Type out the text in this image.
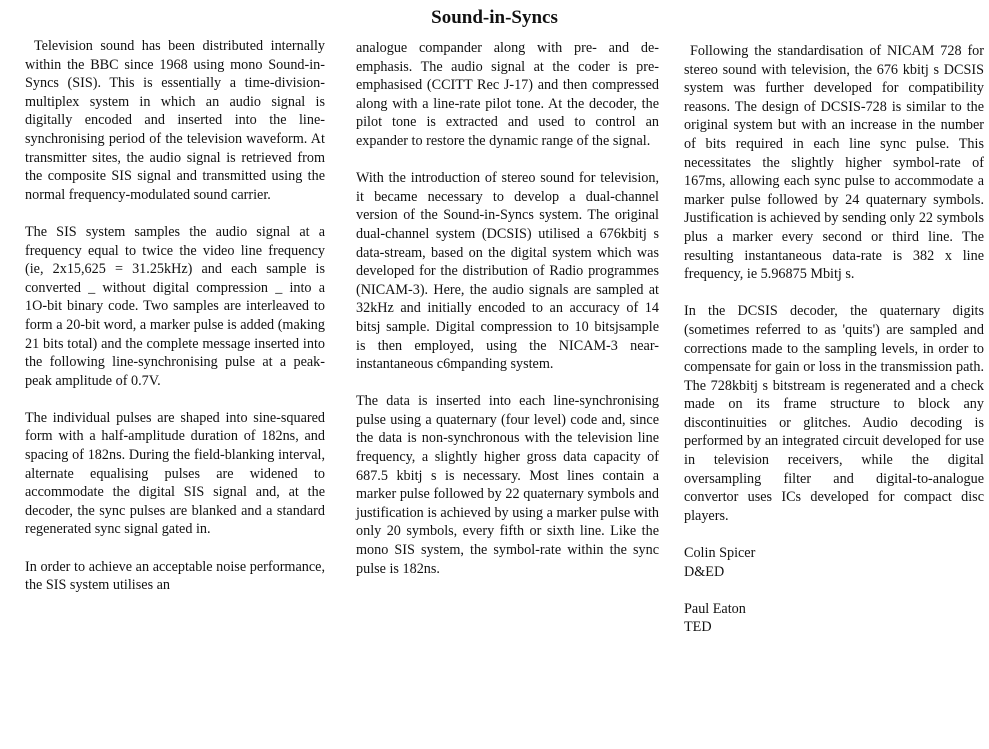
Sound-in-Syncs

Television sound has been distributed internally within the BBC since 1968 using mono Sound-in-Syncs (SIS). This is essentially a time-division-multiplex system in which an audio signal is digitally encoded and inserted into the line-synchronising period of the television waveform. At transmitter sites, the audio signal is retrieved from the composite SIS signal and transmitted using the normal frequency-modulated sound carrier.

The SIS system samples the audio signal at a frequency equal to twice the video line frequency (ie, 2x15,625 = 31.25kHz) and each sample is converted _ without digital compression _ into a 1O-bit binary code. Two samples are interleaved to form a 20-bit word, a marker pulse is added (making 21 bits total) and the complete message inserted into the following line-synchronising pulse at a peak-peak amplitude of 0.7V.

The individual pulses are shaped into sine-squared form with a half-amplitude duration of 182ns, and spacing of 182ns. During the field-blanking interval, alternate equalising pulses are widened to accommodate the digital SIS signal and, at the decoder, the sync pulses are blanked and a standard regenerated sync signal gated in.

In order to achieve an acceptable noise performance, the SIS system utilises an

analogue compander along with pre- and de-emphasis. The audio signal at the coder is pre-emphasised (CCITT Rec J-17) and then compressed along with a line-rate pilot tone. At the decoder, the pilot tone is extracted and used to control an expander to restore the dynamic range of the signal.

With the introduction of stereo sound for television, it became necessary to develop a dual-channel version of the Sound-in-Syncs system. The original dual-channel system (DCSIS) utilised a 676kbitj s data-stream, based on the digital system which was developed for the distribution of Radio programmes (NICAM-3). Here, the audio signals are sampled at 32kHz and initially encoded to an accuracy of 14 bitsj sample. Digital compression to 10 bitsjsample is then employed, using the NICAM-3 near-instantaneous c6mpanding system.

The data is inserted into each line-synchronising pulse using a quaternary (four level) code and, since the data is non-synchronous with the television line frequency, a slightly higher gross data capacity of 687.5 kbitj s is necessary. Most lines contain a marker pulse followed by 22 quaternary symbols and justification is achieved by using a marker pulse with only 20 symbols, every fifth or sixth line. Like the mono SIS system, the symbol-rate within the sync pulse is 182ns.

Following the standardisation of NICAM 728 for stereo sound with television, the 676 kbitj s DCSIS system was further developed for compatibility reasons. The design of DCSIS-728 is similar to the original system but with an increase in the number of bits required in each line sync pulse. This necessitates the slightly higher symbol-rate of 167ms, allowing each sync pulse to accommodate a marker pulse followed by 24 quaternary symbols. Justification is achieved by sending only 22 symbols plus a marker every second or third line. The resulting instantaneous data-rate is 382 x line frequency, ie 5.96875 Mbitj s.

In the DCSIS decoder, the quaternary digits (sometimes referred to as 'quits') are sampled and corrections made to the sampling levels, in order to compensate for gain or loss in the transmission path. The 728kbitj s bitstream is regenerated and a check made on its frame structure to block any discontinuities or glitches. Audio decoding is performed by an integrated circuit developed for use in television receivers, while the digital oversampling filter and digital-to-analogue convertor uses ICs developed for compact disc players.

Colin Spicer
D&ED
Paul Eaton
TED
